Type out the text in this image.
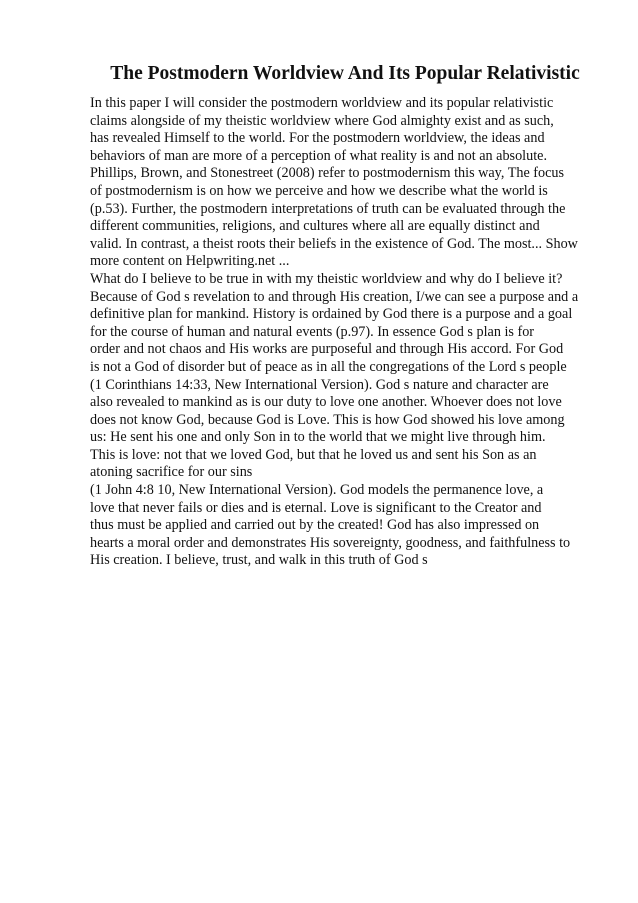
The Postmodern Worldview And Its Popular Relativistic
In this paper I will consider the postmodern worldview and its popular relativistic
claims alongside of my theistic worldview where God almighty exist and as such,
has revealed Himself to the world. For the postmodern worldview, the ideas and
behaviors of man are more of a perception of what reality is and not an absolute.
Phillips, Brown, and Stonestreet (2008) refer to postmodernism this way, The focus
of postmodernism is on how we perceive and how we describe what the world is
(p.53). Further, the postmodern interpretations of truth can be evaluated through the
different communities, religions, and cultures where all are equally distinct and
valid. In contrast, a theist roots their beliefs in the existence of God. The most... Show
more content on Helpwriting.net ...
What do I believe to be true in with my theistic worldview and why do I believe it?
Because of God s revelation to and through His creation, I/we can see a purpose and a
definitive plan for mankind. History is ordained by God there is a purpose and a goal
for the course of human and natural events (p.97). In essence God s plan is for
order and not chaos and His works are purposeful and through His accord. For God
is not a God of disorder but of peace as in all the congregations of the Lord s people
(1 Corinthians 14:33, New International Version). God s nature and character are
also revealed to mankind as is our duty to love one another. Whoever does not love
does not know God, because God is Love. This is how God showed his love among
us: He sent his one and only Son in to the world that we might live through him.
This is love: not that we loved God, but that he loved us and sent his Son as an
atoning sacrifice for our sins
(1 John 4:8 10, New International Version). God models the permanence love, a
love that never fails or dies and is eternal. Love is significant to the Creator and
thus must be applied and carried out by the created! God has also impressed on
hearts a moral order and demonstrates His sovereignty, goodness, and faithfulness to
His creation. I believe, trust, and walk in this truth of God s
